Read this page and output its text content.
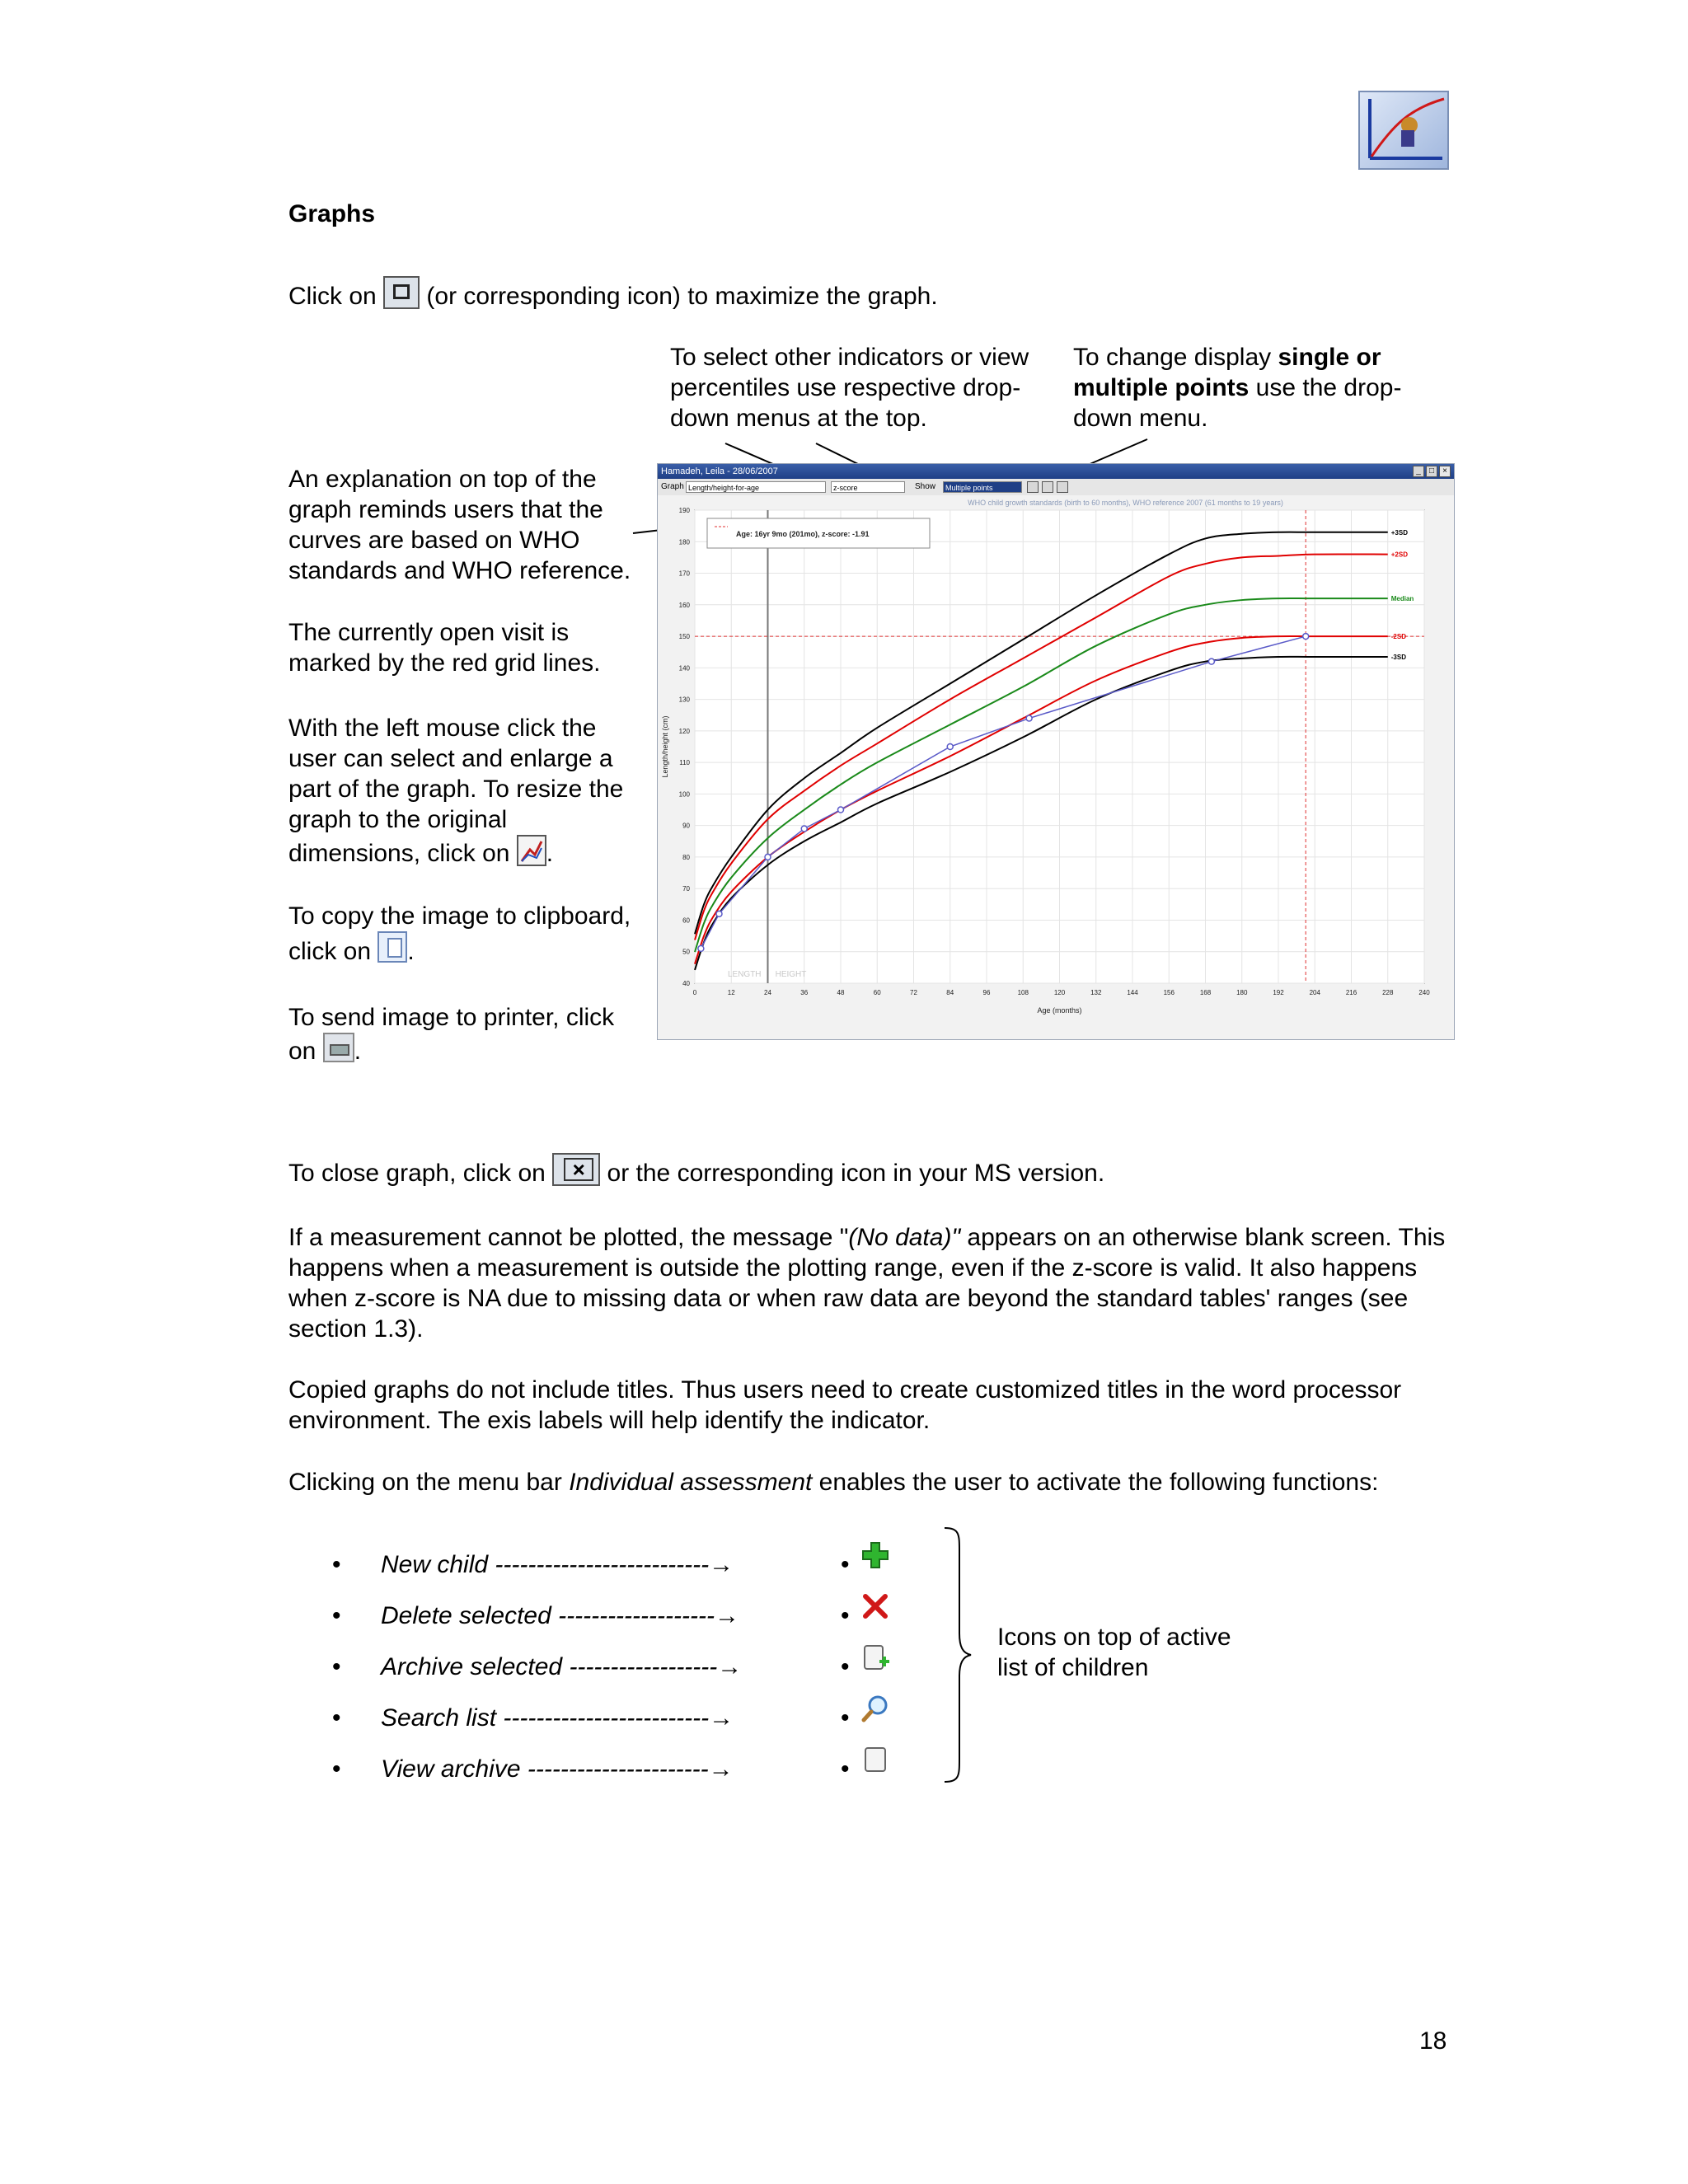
Graphs
Click on (or corresponding icon) to maximize the graph.
To select other indicators or view percentiles use respective drop-down menus at the top.
To change display single or multiple points use the drop-down menu.
An explanation on top of the graph reminds users that the curves are based on WHO standards and WHO reference.
The currently open visit is marked by the red grid lines.
With the left mouse click the user can select and enlarge a part of the graph. To resize the graph to the original dimensions, click on .
To copy the image to clipboard, click on .
To send image to printer, click on .
Hamadeh, Leila - 28/06/2007	_	□	×
Graph Length/height-for-age	z-score	Show	Multiple points
WHO child growth standards (birth to 60 months), WHO reference 2007 (61 months to 19 years)
0	12	24	36	48	60	72	84	96	108	120	132	144	156	168	180	192	204	216	228	240
40
50
60
70
80
90
100
110
120
130
140
150
160
170
180
190
LENGTH HEIGHT
+3SD
+2SD
Median
-2SD
-3SD
Age: 16yr 9mo (201mo), z-score: -1.91
Age (months)
Length/height (cm)
To close graph, click on	× or the corresponding icon in your MS version.
If a measurement cannot be plotted, the message "(No data)" appears on an otherwise blank screen. This happens when a measurement is outside the plotting range, even if the z-score is valid. It also happens when z-score is NA due to missing data or when raw data are beyond the standard tables' ranges (see section 1.3).
Copied graphs do not include titles. Thus users need to create customized titles in the word processor environment. The exis labels will help identify the indicator.
Clicking on the menu bar Individual assessment enables the user to activate the following functions:
•
•
•
•
•
New child --------------------------→
Delete selected -------------------→
Archive selected ------------------→
Search list -------------------------→
View archive ----------------------→
•
•
•
•
•
Icons on top of active list of children
18
